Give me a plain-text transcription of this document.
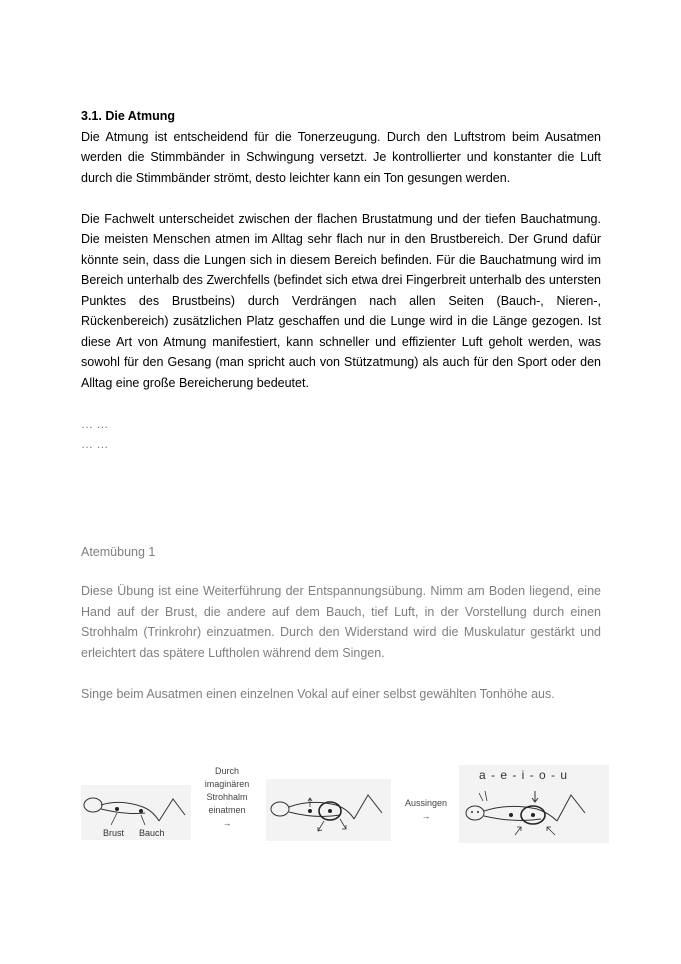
3.1. Die Atmung

Die Atmung ist entscheidend für die Tonerzeugung. Durch den Luftstrom beim Ausatmen werden die Stimmbänder in Schwingung versetzt. Je kontrollierter und konstanter die Luft durch die Stimmbänder strömt, desto leichter kann ein Ton gesungen werden.

Die Fachwelt unterscheidet zwischen der flachen Brustatmung und der tiefen Bauchatmung. Die meisten Menschen atmen im Alltag sehr flach nur in den Brustbereich. Der Grund dafür könnte sein, dass die Lungen sich in diesem Bereich befinden. Für die Bauchatmung wird im Bereich unterhalb des Zwerchfells (befindet sich etwa drei Fingerbreit unterhalb des untersten Punktes des Brustbeins) durch Verdrängen nach allen Seiten (Bauch-, Nieren-, Rückenbereich) zusätzlichen Platz geschaffen und die Lunge wird in die Länge gezogen. Ist diese Art von Atmung manifestiert, kann schneller und effizienter Luft geholt werden, was sowohl für den Gesang (man spricht auch von Stützatmung) als auch für den Sport oder den Alltag eine große Bereicherung bedeutet.

… …

… …

Atemübung 1

Diese Übung ist eine Weiterführung der Entspannungsübung. Nimm am Boden liegend, eine Hand auf der Brust, die andere auf dem Bauch, tief Luft, in der Vorstellung durch einen Strohhalm (Trinkrohr) einzuatmen. Durch den Widerstand wird die Muskulatur gestärkt und erleichtert das spätere Luftholen während dem Singen.

Singe beim Ausatmen einen einzelnen Vokal auf einer selbst gewählten Tonhöhe aus.

Brust Bauch
Durch
imaginären
Strohhalm
einatmen
→
Aussingen
→
a - e - i - o - u
